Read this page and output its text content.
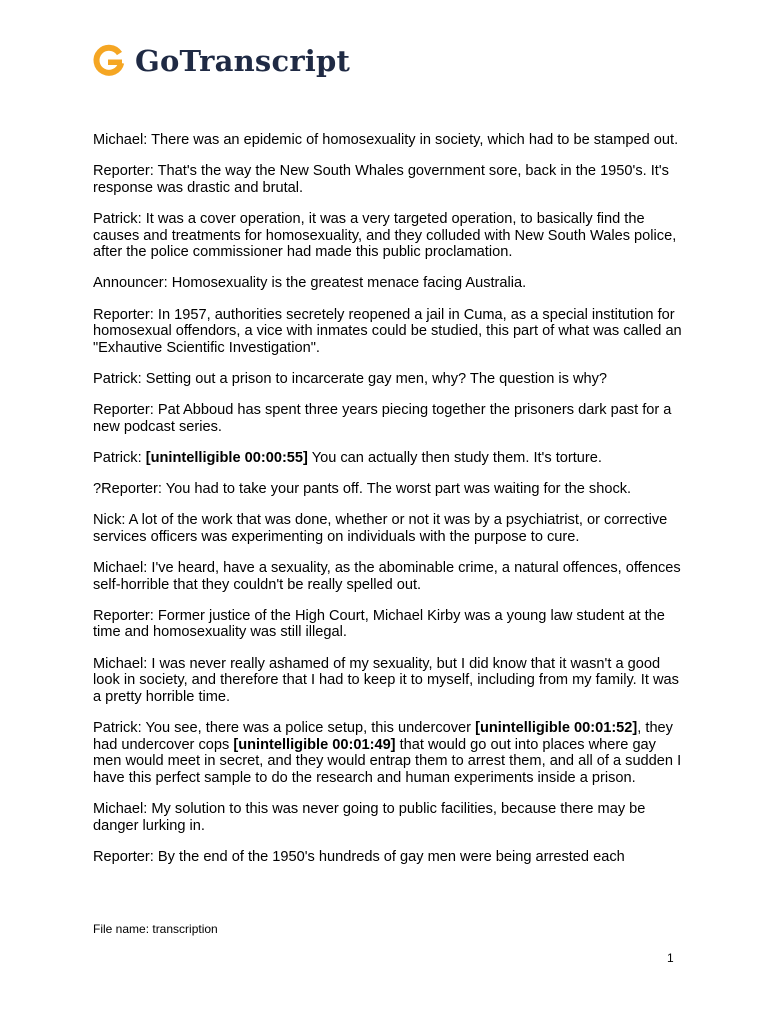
GoTranscript

Michael: There was an epidemic of homosexuality in society, which had to be stamped out.

Reporter: That's the way the New South Whales government sore, back in the 1950's. It's response was drastic and brutal.

Patrick: It was a cover operation, it was a very targeted operation, to basically find the causes and treatments for homosexuality, and they colluded with New South Wales police, after the police commissioner had made this public proclamation.

Announcer: Homosexuality is the greatest menace facing Australia.

Reporter: In 1957, authorities secretely reopened a jail in Cuma, as a special institution for homosexual offendors, a vice with inmates could be studied, this part of what was called an "Exhautive Scientific Investigation".

Patrick: Setting out a prison to incarcerate gay men, why? The question is why?

Reporter: Pat Abboud has spent three years piecing together the prisoners dark past for a new podcast series.

Patrick: [unintelligible 00:00:55] You can actually then study them. It's torture.

?Reporter: You had to take your pants off. The worst part was waiting for the shock.

Nick: A lot of the work that was done, whether or not it was by a psychiatrist, or corrective services officers was experimenting on individuals with the purpose to cure.

Michael: I've heard, have a sexuality, as the abominable crime, a natural offences, offences self-horrible that they couldn't be really spelled out.

Reporter: Former justice of the High Court, Michael Kirby was a young law student at the time and homosexuality was still illegal.

Michael: I was never really ashamed of my sexuality, but I did know that it wasn't a good look in society, and therefore that I had to keep it to myself, including from my family. It was a pretty horrible time.

Patrick: You see, there was a police setup, this undercover [unintelligible 00:01:52], they had undercover cops [unintelligible 00:01:49] that would go out into places where gay men would meet in secret, and they would entrap them to arrest them, and all of a sudden I have this perfect sample to do the research and human experiments inside a prison.

Michael: My solution to this was never going to public facilities, because there may be danger lurking in.

Reporter: By the end of the 1950's hundreds of gay men were being arrested each

File name: transcription
1
